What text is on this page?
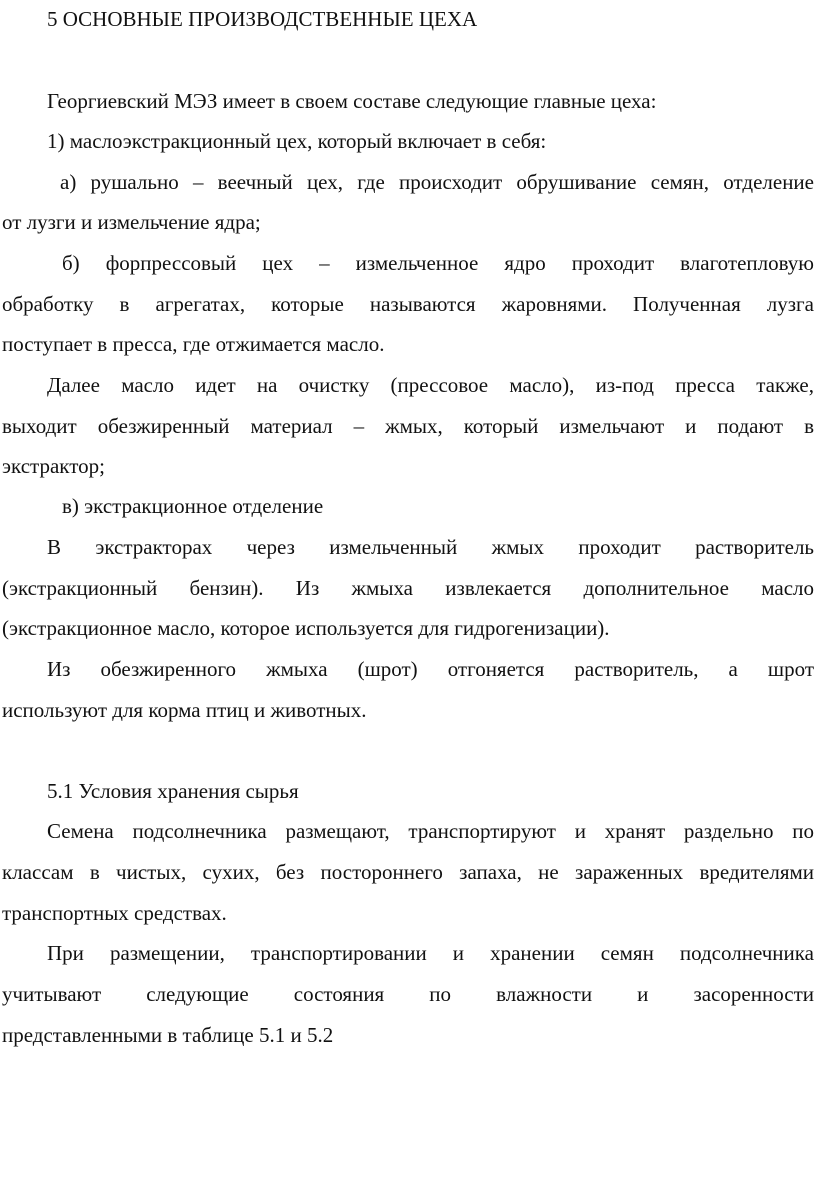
5 ОСНОВНЫЕ ПРОИЗВОДСТВЕННЫЕ ЦЕХА
Георгиевский МЭЗ имеет в своем составе следующие главные цеха:
1) маслоэкстракционный цех, который включает в себя:
а) рушально – веечный цех, где происходит обрушивание семян, отделение
от лузги и измельчение ядра;
б) форпрессовый цех – измельченное ядро проходит влаготепловую
обработку в агрегатах, которые называются жаровнями. Полученная лузга
поступает в пресса, где отжимается масло.
Далее масло идет на очистку (прессовое масло), из-под пресса также,
выходит обезжиренный материал – жмых, который измельчают и подают в
экстрактор;
в) экстракционное отделение
В экстракторах через измельченный жмых проходит растворитель
(экстракционный бензин). Из жмыха извлекается дополнительное масло
(экстракционное масло, которое используется для гидрогенизации).
Из обезжиренного жмыха (шрот) отгоняется растворитель, а шрот
используют для корма птиц и животных.
5.1 Условия хранения сырья
Семена подсолнечника размещают, транспортируют и хранят раздельно по
классам в чистых, сухих, без постороннего запаха, не зараженных вредителями
транспортных средствах.
При размещении, транспортировании и хранении семян подсолнечника
учитывают следующие состояния по влажности и засоренности
представленными в таблице 5.1 и 5.2
